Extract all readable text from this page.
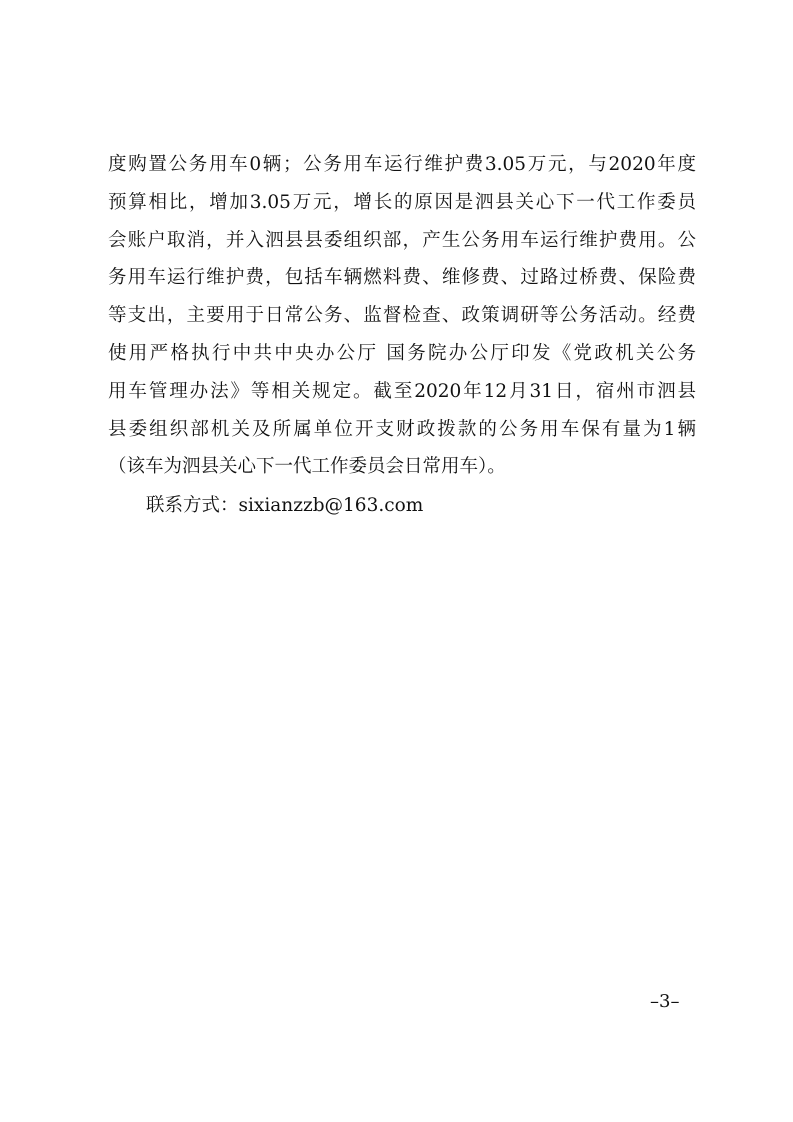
度购置公务用车0辆；公务用车运行维护费3.05万元，与2020年度
预算相比，增加3.05万元，增长的原因是泗县关心下一代工作委员
会账户取消，并入泗县县委组织部，产生公务用车运行维护费用。公
务用车运行维护费，包括车辆燃料费、维修费、过路过桥费、保险费
等支出，主要用于日常公务、监督检查、政策调研等公务活动。经费
使用严格执行中共中央办公厅 国务院办公厅印发《党政机关公务
用车管理办法》等相关规定。截至2020年12月31日，宿州市泗县
县委组织部机关及所属单位开支财政拨款的公务用车保有量为1辆
（该车为泗县关心下一代工作委员会日常用车）。
联系方式：sixianzzb@163.com
–3–
